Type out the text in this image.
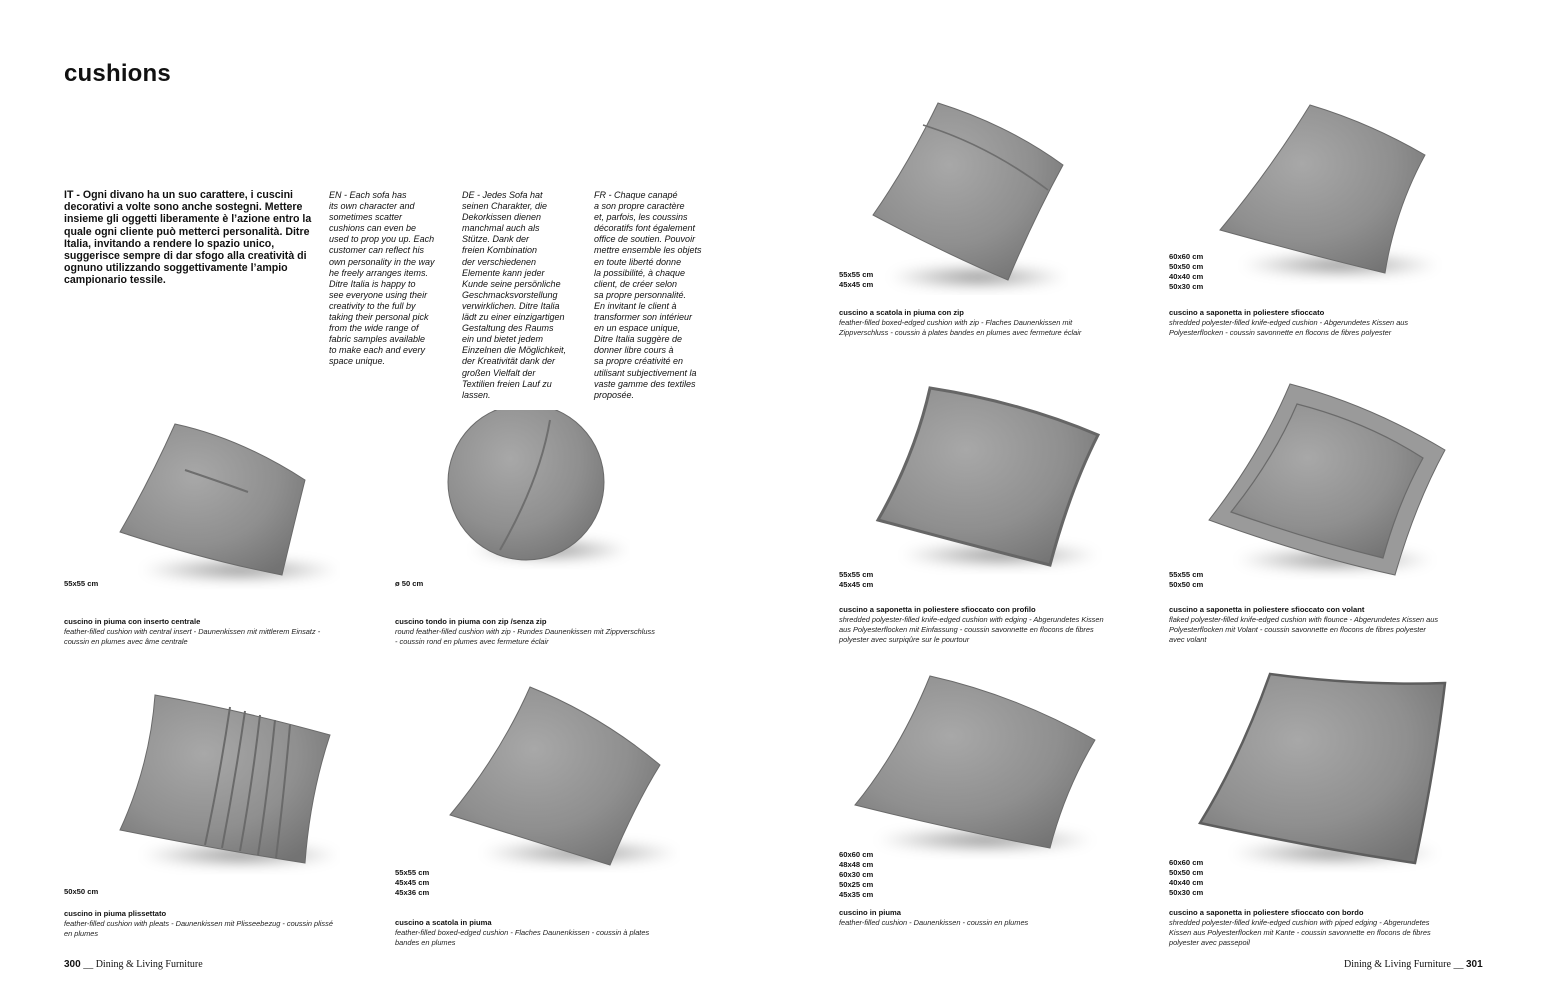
cushions
IT - Ogni divano ha un suo carattere, i cuscini decorativi a volte sono anche sostegni. Mettere insieme gli oggetti liberamente è l’azione entro la quale ogni cliente può metterci personalità. Ditre Italia, invitando a rendere lo spazio unico, suggerisce sempre di dar sfogo alla creatività di ognuno utilizzando soggettivamente l’ampio campionario tessile.
EN - Each sofa has
its own character and
sometimes scatter
cushions can even be
used to prop you up. Each
customer can reflect his
own personality in the way
he freely arranges items.
Ditre Italia is happy to
see everyone using their
creativity to the full by
taking their personal pick
from the wide range of
fabric samples available
to make each and every
space unique.
DE - Jedes Sofa hat
seinen Charakter, die
Dekorkissen dienen
manchmal auch als
Stütze. Dank der
freien Kombination
der verschiedenen
Elemente kann jeder
Kunde seine persönliche
Geschmacksvorstellung
verwirklichen. Ditre Italia
lädt zu einer einzigartigen
Gestaltung des Raums
ein und bietet jedem
Einzelnen die Möglichkeit,
der Kreativität dank der
großen Vielfalt der
Textilien freien Lauf zu
lassen.
FR - Chaque canapé
a son propre caractère
et, parfois, les coussins
décoratifs font également
office de soutien. Pouvoir
mettre ensemble les objets
en toute liberté donne
la possibilité, à chaque
client, de créer selon
sa propre personnalité.
En invitant le client à
transformer son intérieur
en un espace unique,
Ditre Italia suggère de
donner libre cours à
sa propre créativité en
utilisant subjectivement la
vaste gamme des textiles
proposée.
55x55 cm
cuscino in piuma con inserto centrale
feather-filled cushion with central insert - Daunenkissen mit mittlerem Einsatz - coussin en plumes avec âme centrale
ø 50 cm
cuscino tondo in piuma con zip /senza zip
round feather-filled cushion with zip - Rundes Daunenkissen mit Zippverschluss - coussin rond en plumes avec fermeture éclair
50x50 cm
cuscino in piuma plissettato
feather-filled cushion with pleats - Daunenkissen mit Plisseebezug - coussin plissé en plumes
55x55 cm
45x45 cm
45x36 cm
cuscino a scatola in piuma
feather-filled boxed-edged cushion - Flaches Daunenkissen - coussin à plates bandes en plumes
55x55 cm
45x45 cm
cuscino a scatola in piuma con zip
feather-filled boxed-edged cushion with zip - Flaches Daunenkissen mit Zippverschluss - coussin à plates bandes en plumes avec fermeture éclair
60x60 cm
50x50 cm
40x40 cm
50x30 cm
cuscino a saponetta in poliestere sfioccato
shredded polyester-filled knife-edged cushion - Abgerundetes Kissen aus Polyesterflocken - coussin savonnette en flocons de fibres polyester
55x55 cm
45x45 cm
cuscino a saponetta in poliestere sfioccato con profilo
shredded polyester-filled knife-edged cushion with edging - Abgerundetes Kissen aus Polyesterflocken mit Einfassung - coussin savonnette en flocons de fibres polyester avec surpiqûre sur le pourtour
55x55 cm
50x50 cm
cuscino a saponetta in poliestere sfioccato con volant
flaked polyester-filled knife-edged cushion with flounce - Abgerundetes Kissen aus Polyesterflocken mit Volant - coussin savonnette en flocons de fibres polyester avec volant
60x60 cm
48x48 cm
60x30 cm
50x25 cm
45x35 cm
cuscino in piuma
feather-filled cushion - Daunenkissen - coussin en plumes
60x60 cm
50x50 cm
40x40 cm
50x30 cm
cuscino a saponetta in poliestere sfioccato con bordo
shredded polyester-filled knife-edged cushion with piped edging - Abgerundetes Kissen aus Polyesterflocken mit Kante - coussin savonnette en flocons de fibres polyester avec passepoil
300 __ Dining & Living Furniture	Dining & Living Furniture __ 301
